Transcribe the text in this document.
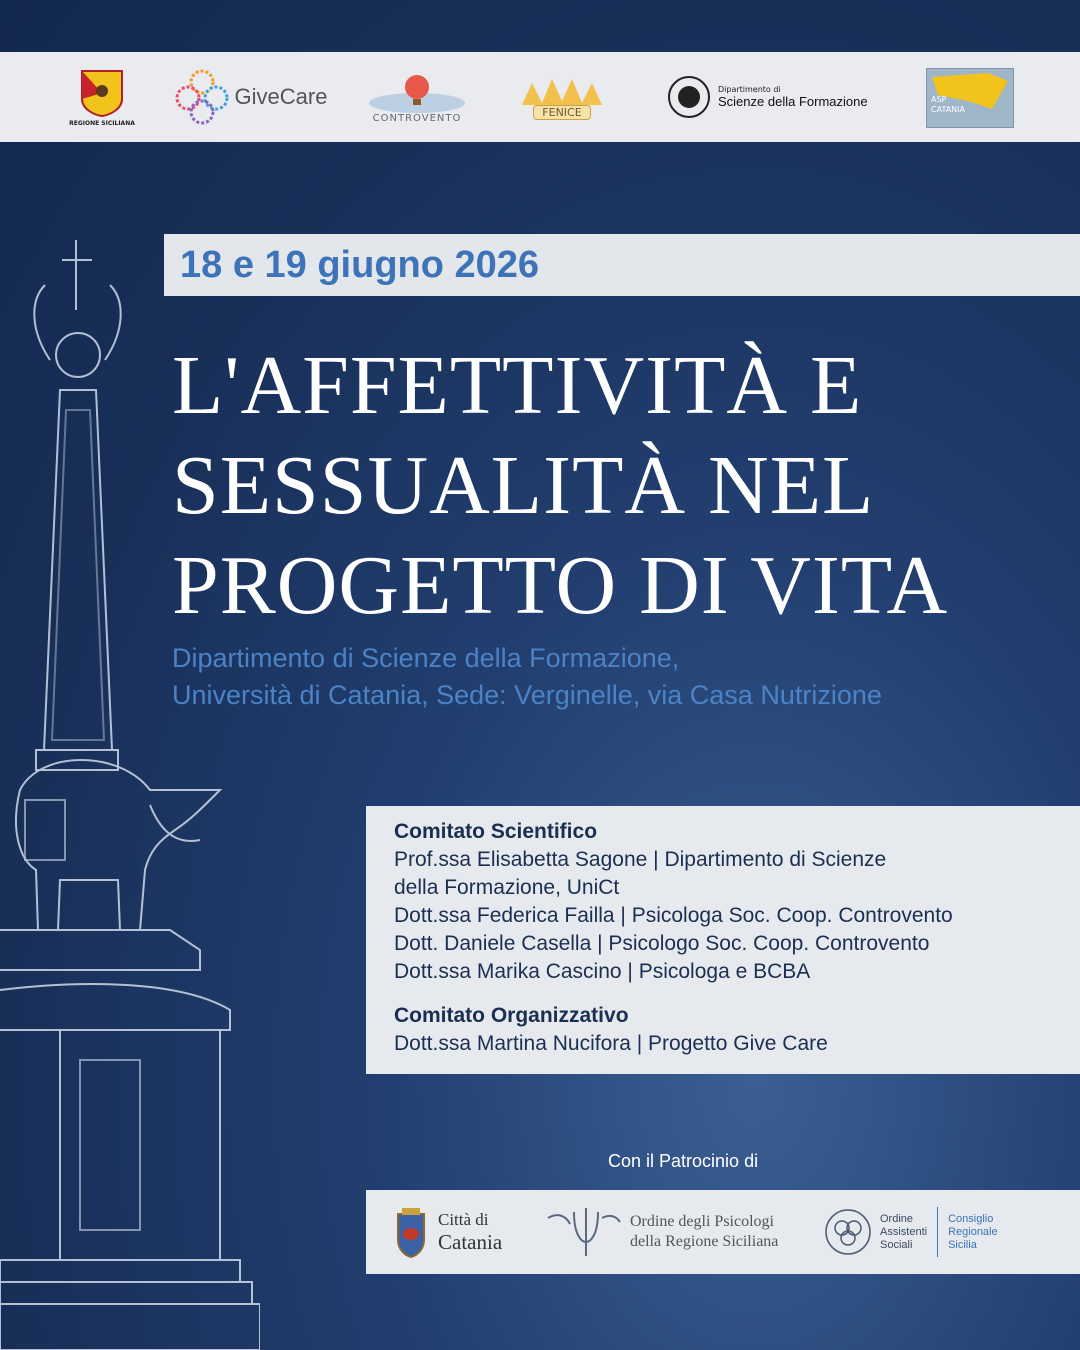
REGIONE SICILIANA
GiveCare
CONTROVENTO	FENICE
Dipartimento di
Scienze della Formazione	ASP CATANIA
18 e 19 giugno 2026
L'AFFETTIVITÀ E
SESSUALITÀ NEL
PROGETTO DI VITA
Dipartimento di Scienze della Formazione,
Università di Catania, Sede: Verginelle, via Casa Nutrizione
Comitato Scientifico
Prof.ssa Elisabetta Sagone | Dipartimento di Scienze
della Formazione, UniCt
Dott.ssa Federica Failla | Psicologa Soc. Coop. Controvento
Dott. Daniele Casella | Psicologo Soc. Coop. Controvento
Dott.ssa Marika Cascino | Psicologa e BCBA
Comitato Organizzativo
Dott.ssa Martina Nucifora | Progetto Give Care
Con il Patrocinio di
Città di
Catania
Ordine degli Psicologi
della Regione Siciliana
Ordine
Assistenti
Sociali
Consiglio
Regionale
Sicilia
